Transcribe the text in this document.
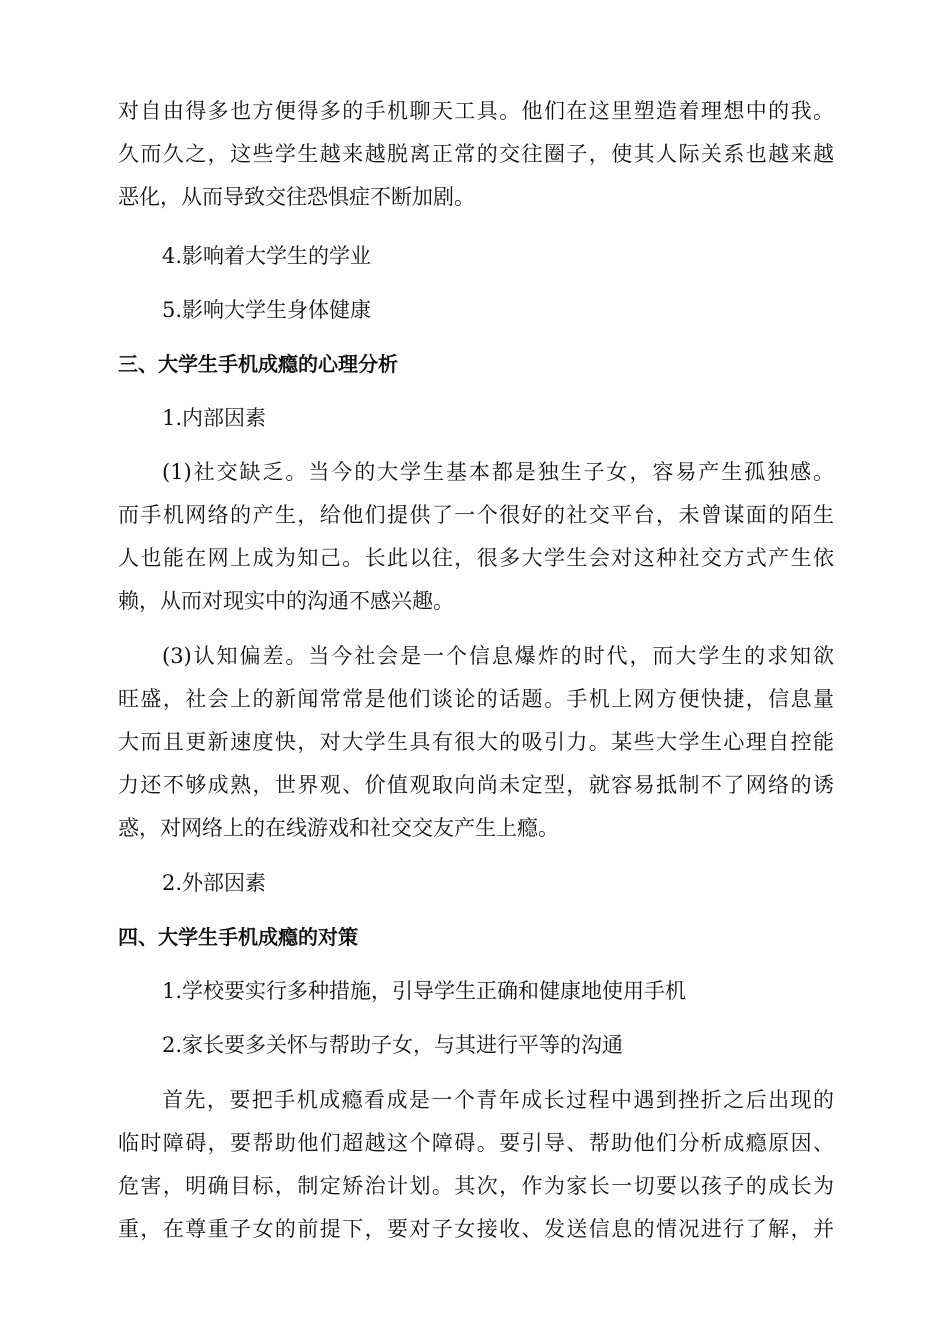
对自由得多也方便得多的手机聊天工具。他们在这里塑造着理想中的我。
久而久之，这些学生越来越脱离正常的交往圈子，使其人际关系也越来越
恶化，从而导致交往恐惧症不断加剧。
4.影响着大学生的学业
5.影响大学生身体健康
三、大学生手机成瘾的心理分析
1.内部因素
(1)社交缺乏。当今的大学生基本都是独生子女，容易产生孤独感。
而手机网络的产生，给他们提供了一个很好的社交平台，未曾谋面的陌生
人也能在网上成为知己。长此以往，很多大学生会对这种社交方式产生依
赖，从而对现实中的沟通不感兴趣。
(3)认知偏差。当今社会是一个信息爆炸的时代，而大学生的求知欲
旺盛，社会上的新闻常常是他们谈论的话题。手机上网方便快捷，信息量
大而且更新速度快，对大学生具有很大的吸引力。某些大学生心理自控能
力还不够成熟，世界观、价值观取向尚未定型，就容易抵制不了网络的诱
惑，对网络上的在线游戏和社交交友产生上瘾。
2.外部因素
四、大学生手机成瘾的对策
1.学校要实行多种措施，引导学生正确和健康地使用手机
2.家长要多关怀与帮助子女，与其进行平等的沟通
首先，要把手机成瘾看成是一个青年成长过程中遇到挫折之后出现的
临时障碍，要帮助他们超越这个障碍。要引导、帮助他们分析成瘾原因、
危害，明确目标，制定矫治计划。其次，作为家长一切要以孩子的成长为
重，在尊重子女的前提下，要对子女接收、发送信息的情况进行了解，并
